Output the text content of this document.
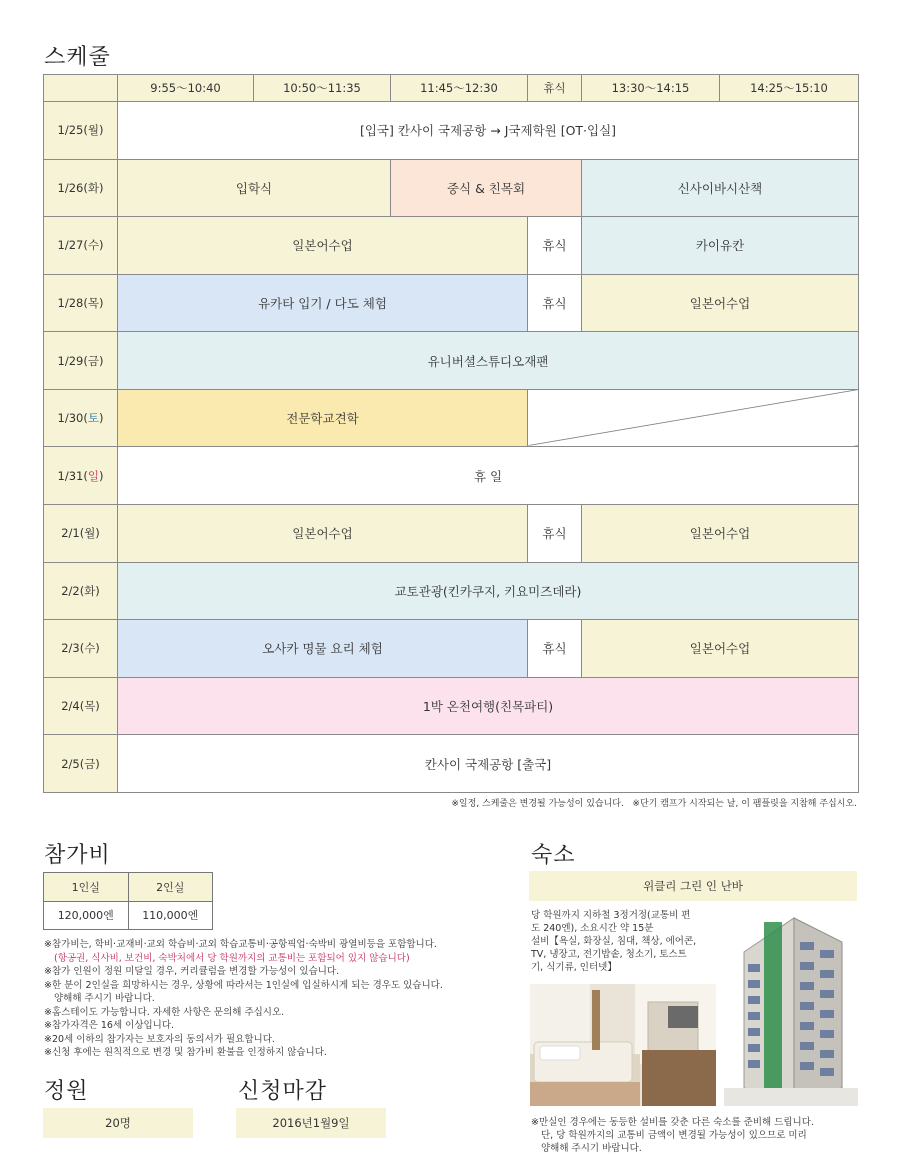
스케줄
	9:55～10:40	10:50～11:35	11:45～12:30	휴식	13:30～14:15	14:25～15:10
1/25(월)	[입국] 칸사이 국제공항 → J국제학원 [OT·입실]					
1/26(화)	입학식		중식 & 친목회		신사이바시산책	
1/27(수)	일본어수업			휴식	카이유칸	
1/28(목)	유카타 입기 / 다도 체험			휴식	일본어수업	
1/29(금)	유니버셜스튜디오재팬					
1/30(토)	전문학교견학					
1/31(일)	휴 일					
2/1(월)	일본어수업			휴식	일본어수업	
2/2(화)	교토관광(킨카쿠지, 키요미즈데라)					
2/3(수)	오사카 명물 요리 체험			휴식	일본어수업	
2/4(목)	1박 온천여행(친목파티)					
2/5(금)	칸사이 국제공항 [출국]					
※일정, 스케줄은 변경될 가능성이 있습니다.   ※단기 캠프가 시작되는 날, 이 팸플릿을 지참해 주십시오.
참가비
1인실	2인실
120,000엔	110,000엔
※참가비는, 학비·교재비·교외 학습비·교외 학습교통비·공항픽업·숙박비 광열비등을 포함합니다.
(항공권, 식사비, 보건비, 숙박처에서 당 학원까지의 교통비는 포함되어 있지 않습니다)
※참가 인원이 정원 미달일 경우, 커리큘럼을 변경할 가능성이 있습니다.
※한 분이 2인실을 희망하시는 경우, 상황에 따라서는 1인실에 입실하시게 되는 경우도 있습니다.
양해해 주시기 바랍니다.
※홈스테이도 가능합니다. 자세한 사항은 문의해 주십시오.
※참가자격은 16세 이상입니다.
※20세 이하의 참가자는 보호자의 동의서가 필요합니다.
※신청 후에는 원칙적으로 변경 및 참가비 환불을 인정하지 않습니다.
정원
20명
신청마감
2016년1월9일
숙소
위클리 그린 인 난바
당 학원까지 지하철 3정거정(교통비 편
도 240엔), 소요시간 약 15분
설비【욕실, 화장실, 침대, 책상, 에어콘,
TV, 냉장고, 전기밥솥, 청소기, 토스트
기, 식기류, 인터넷】
※만실인 경우에는 동등한 설비를 갖춘 다른 숙소를 준비해 드립니다.
단, 당 학원까지의 교통비 금액이 변경될 가능성이 있으므로 미리
양해해 주시기 바랍니다.
